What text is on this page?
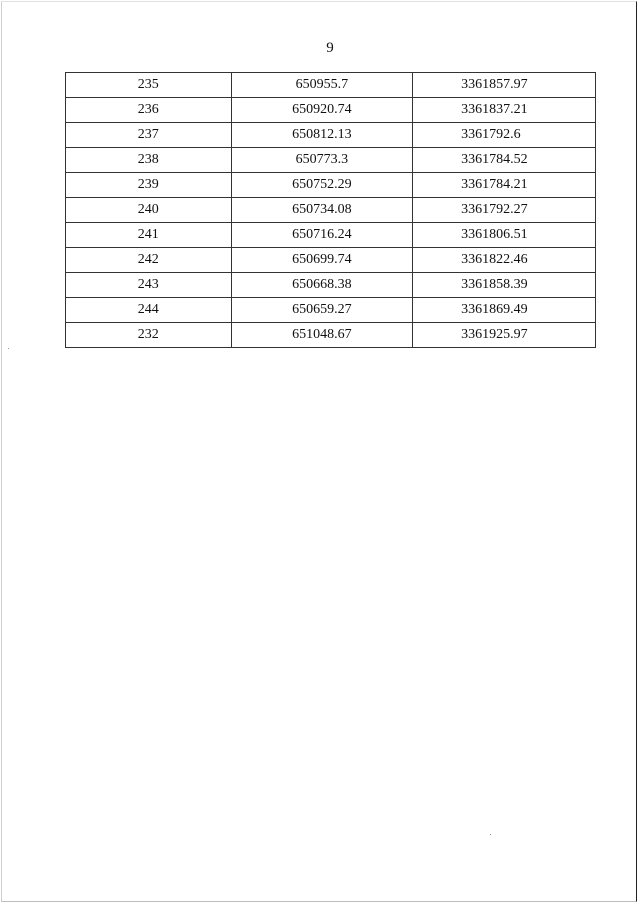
9
235	650955.7	3361857.97
236	650920.74	3361837.21
237	650812.13	3361792.6
238	650773.3	3361784.52
239	650752.29	3361784.21
240	650734.08	3361792.27
241	650716.24	3361806.51
242	650699.74	3361822.46
243	650668.38	3361858.39
244	650659.27	3361869.49
232	651048.67	3361925.97
